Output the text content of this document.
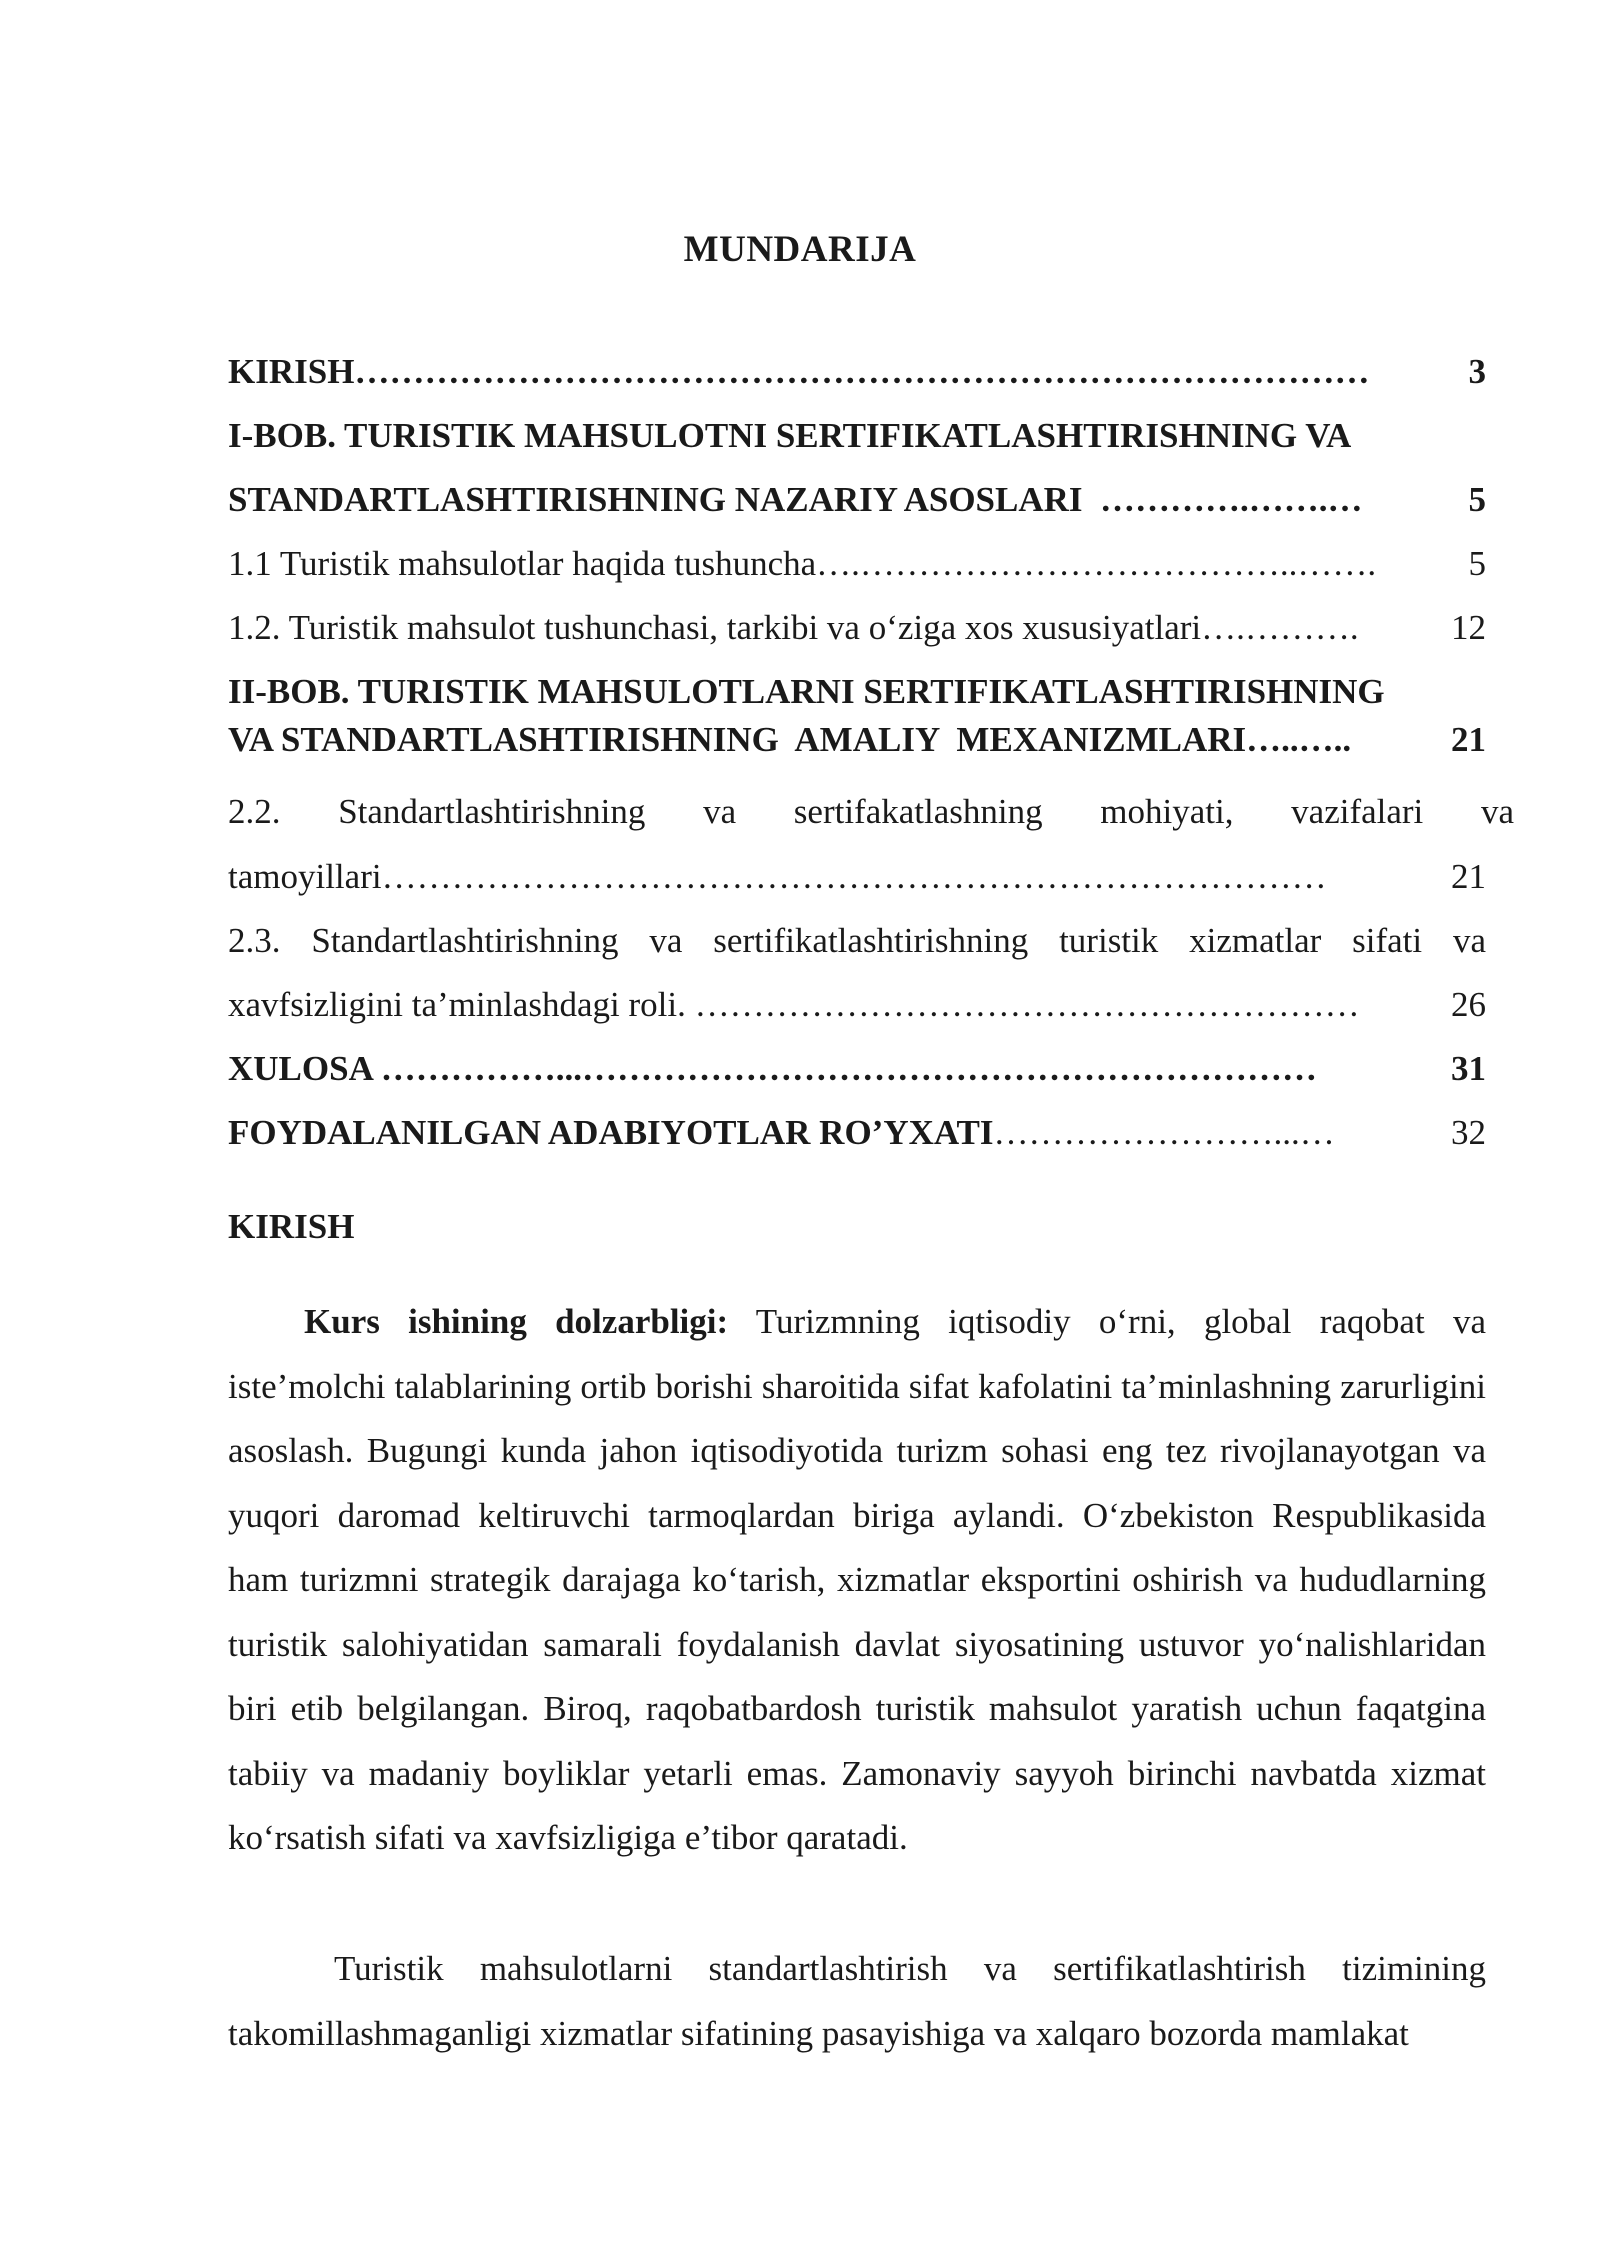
MUNDARIJA
KIRISH ……………………………………………………………………………	3
I-BOB. TURISTIK MAHSULOTNI SERTIFIKATLASHTIRISHNING VA
STANDARTLASHTIRISHNING NAZARIY ASOSLARI ………….…….…	5
1.1 Turistik mahsulotlar haqida tushuncha ….………………………………..…….	5
1.2. Turistik mahsulot tushunchasi, tarkibi va o‘ziga xos xususiyatlari ….……….	12
II-BOB. TURISTIK MAHSULOTLARNI SERTIFIKATLASHTIRISHNING
VA STANDARTLASHTIRISHNING  AMALIY  MEXANIZMLARI …..…..	21
2.2. Standartlashtirishning va sertifakatlashning mohiyati, vazifalari va
tamoyillari ………………………………………………………………………	21
2.3. Standartlashtirishning va sertifikatlashtirishning turistik xizmatlar sifati va
xavfsizligini ta’minlashdagi roli. …………………………………………………	26
XULOSA ……………...………………………………………………………	31
FOYDALANILGAN ADABIYOTLAR RO’YXATI ……………………...…	32
KIRISH

Kurs ishining dolzarbligi: Turizmning iqtisodiy o‘rni, global raqobat va iste’molchi talablarining ortib borishi sharoitida sifat kafolatini ta’minlashning zarurligini asoslash. Bugungi kunda jahon iqtisodiyotida turizm sohasi eng tez rivojlanayotgan va yuqori daromad keltiruvchi tarmoqlardan biriga aylandi. O‘zbekiston Respublikasida ham turizmni strategik darajaga ko‘tarish, xizmatlar eksportini oshirish va hududlarning turistik salohiyatidan samarali foydalanish davlat siyosatining ustuvor yo‘nalishlaridan biri etib belgilangan. Biroq, raqobatbardosh turistik mahsulot yaratish uchun faqatgina tabiiy va madaniy boyliklar yetarli emas. Zamonaviy sayyoh birinchi navbatda xizmat ko‘rsatish sifati va xavfsizligiga e’tibor qaratadi.

Turistik mahsulotlarni standartlashtirish va sertifikatlashtirish tizimining takomillashmaganligi xizmatlar sifatining pasayishiga va xalqaro bozorda mamlakat
